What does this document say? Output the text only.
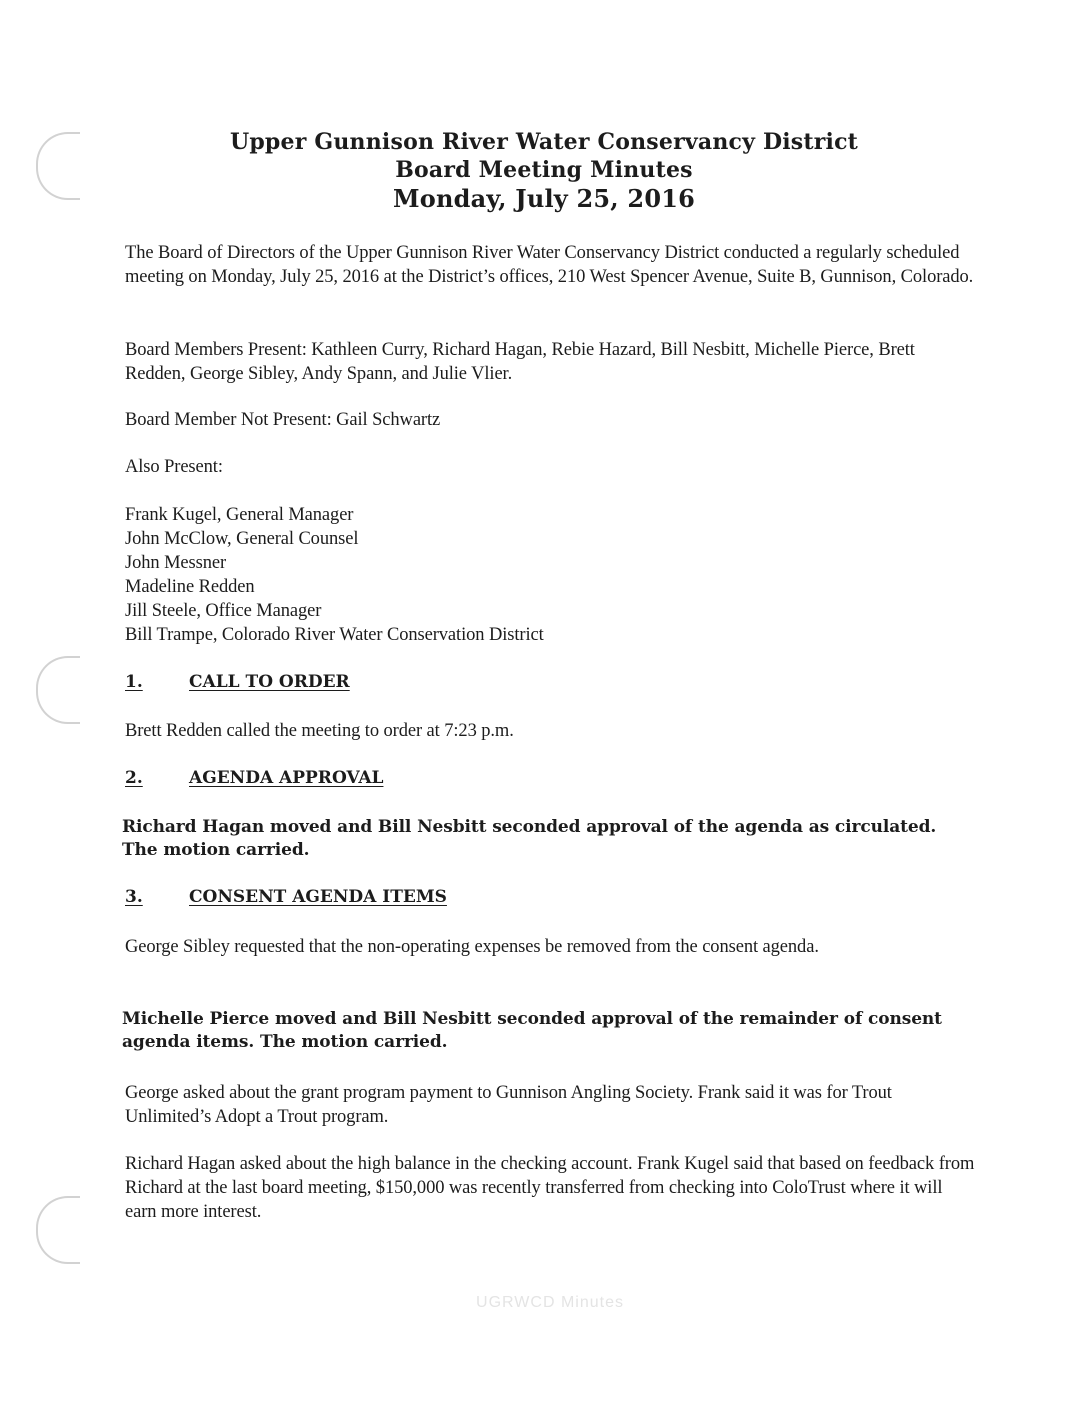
Upper Gunnison River Water Conservancy District
Board Meeting Minutes
Monday, July 25, 2016
The Board of Directors of the Upper Gunnison River Water Conservancy District conducted a regularly scheduled meeting on Monday, July 25, 2016 at the District’s offices, 210 West Spencer Avenue, Suite B, Gunnison, Colorado.
Board Members Present: Kathleen Curry, Richard Hagan, Rebie Hazard, Bill Nesbitt, Michelle Pierce, Brett Redden, George Sibley, Andy Spann, and Julie Vlier.
Board Member Not Present: Gail Schwartz
Also Present:
Frank Kugel, General Manager
John McClow, General Counsel
John Messner
Madeline Redden
Jill Steele, Office Manager
Bill Trampe, Colorado River Water Conservation District
1.	CALL TO ORDER
Brett Redden called the meeting to order at 7:23 p.m.
2.	AGENDA APPROVAL
Richard Hagan moved and Bill Nesbitt seconded approval of the agenda as circulated. The motion carried.
3.	CONSENT AGENDA ITEMS
George Sibley requested that the non-operating expenses be removed from the consent agenda.
Michelle Pierce moved and Bill Nesbitt seconded approval of the remainder of consent agenda items. The motion carried.
George asked about the grant program payment to Gunnison Angling Society. Frank said it was for Trout Unlimited’s Adopt a Trout program.
Richard Hagan asked about the high balance in the checking account. Frank Kugel said that based on feedback from Richard at the last board meeting, $150,000 was recently transferred from checking into ColoTrust where it will earn more interest.
UGRWCD Minutes
